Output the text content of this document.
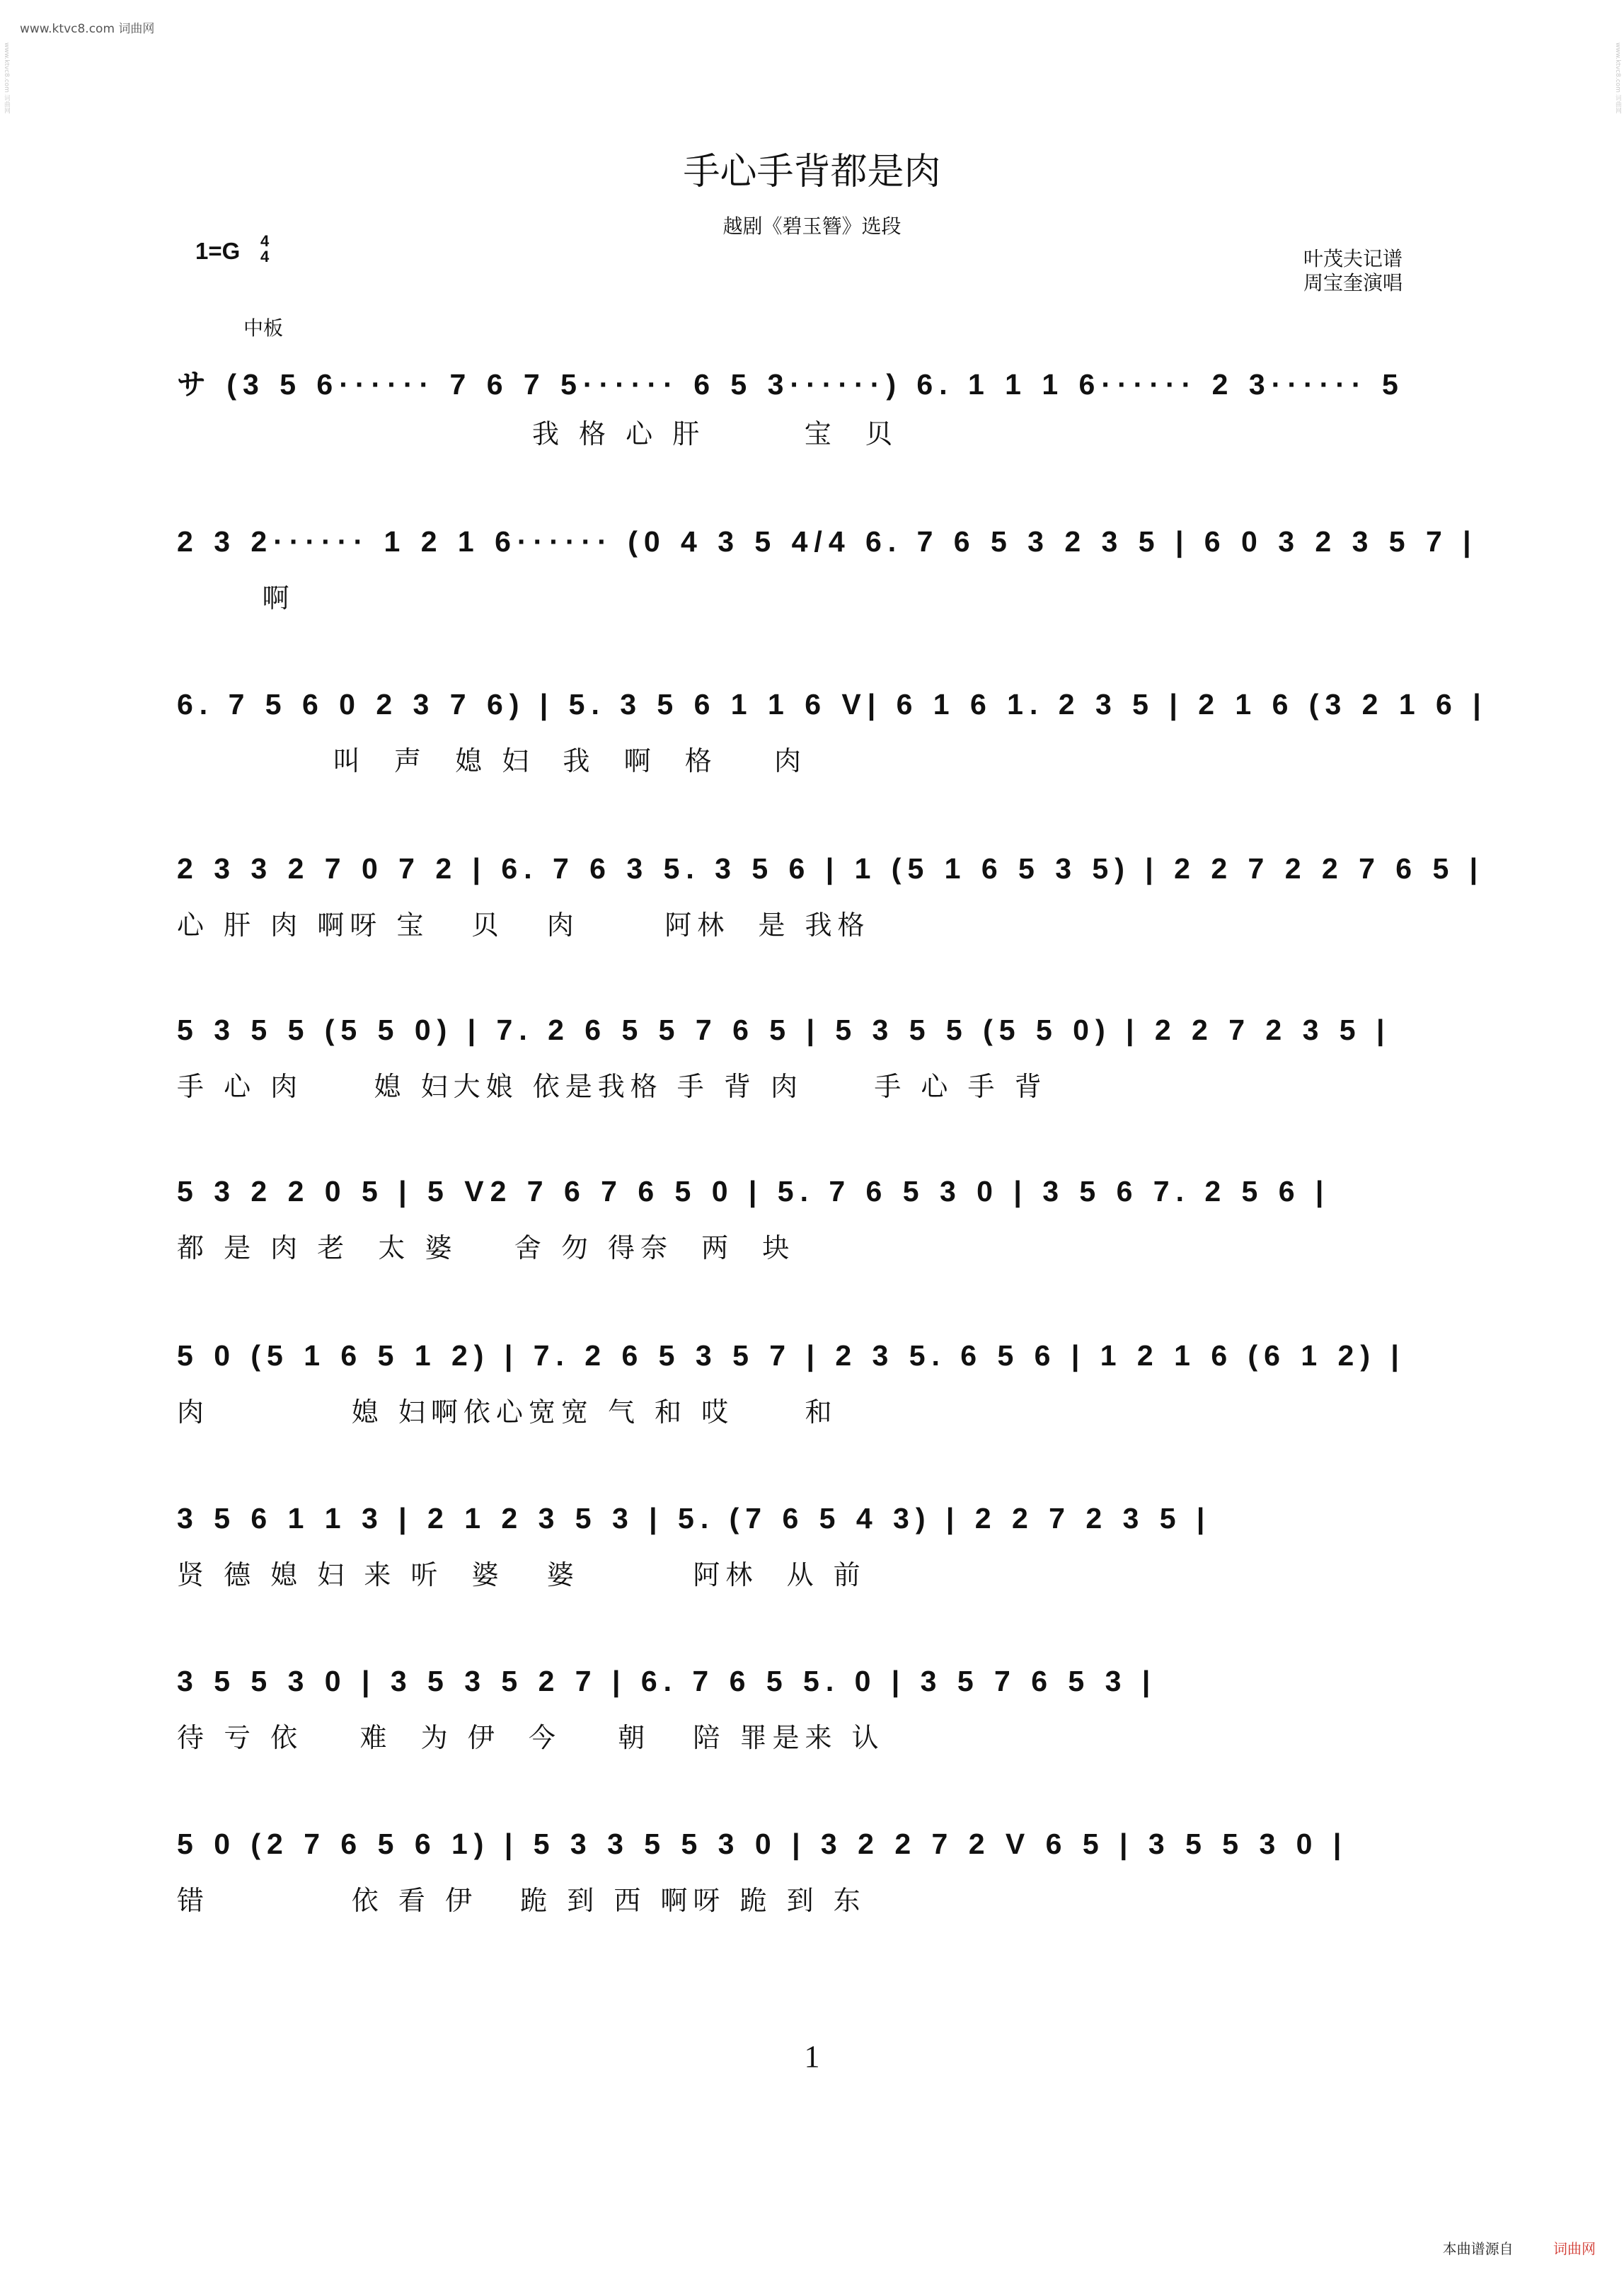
www.ktvc8.com 词曲网
www.ktvc8.com 词曲网	www.ktvc8.com 词曲网
手心手背都是肉
越剧《碧玉簪》选段
1=G 4
4	叶茂夫记谱
周宝奎演唱
中板
サ (3 5 6······ 7 6 7 5······ 6 5 3······) 6. 1 1 1 6······ 2 3······ 5
我 格 心 肝       宝  贝
2 3 2······ 1 2 1 6······ (0 4 3 5 4/4 6. 7 6 5 3 2 3 5 | 6 0 3 2 3 5 7 |
啊
6. 7 5 6 0 2 3 7 6) | 5. 3 5 6 1 1 6 V| 6 1 6 1. 2 3 5 | 2 1 6 (3 2 1 6 |
叫  声  媳 妇  我  啊  格    肉
2 3 3 2 7 0 7 2 | 6. 7 6 3 5. 3 5 6 | 1 (5 1 6 5 3 5) | 2 2 7 2 2 7 6 5 |
心 肝 肉 啊呀 宝   贝   肉      阿林  是 我格
5 3 5 5 (5 5 0) | 7. 2 6 5 5 7 6 5 | 5 3 5 5 (5 5 0) | 2 2 7 2 3 5 |
手 心 肉     媳 妇大娘 依是我格 手 背 肉     手 心 手 背
5 3 2 2 0 5 | 5 V2 7 6 7 6 5 0 | 5. 7 6 5 3 0 | 3 5 6 7. 2 5 6 |
都 是 肉 老  太 婆    舍 勿 得奈  两  块
5 0 (5 1 6 5 1 2) | 7. 2 6 5 3 5 7 | 2 3 5. 6 5 6 | 1 2 1 6 (6 1 2) |
肉          媳 妇啊依心宽宽 气 和 哎     和
3 5 6 1 1 3 | 2 1 2 3 5 3 | 5. (7 6 5 4 3) | 2 2 7 2 3 5 |
贤 德 媳 妇 来 听  婆   婆        阿林  从 前
3 5 5 3 0 | 3 5 3 5 2 7 | 6. 7 6 5 5. 0 | 3 5 7 6 5 3 |
待 亏 依    难  为 伊  今    朝   陪 罪是来 认
5 0 (2 7 6 5 6 1) | 5 3 3 5 5 3 0 | 3 2 2 7 2 V 6 5 | 3 5 5 3 0 |
错          依 看 伊   跪 到 西 啊呀 跪 到 东
1
本曲谱源自	词曲网
